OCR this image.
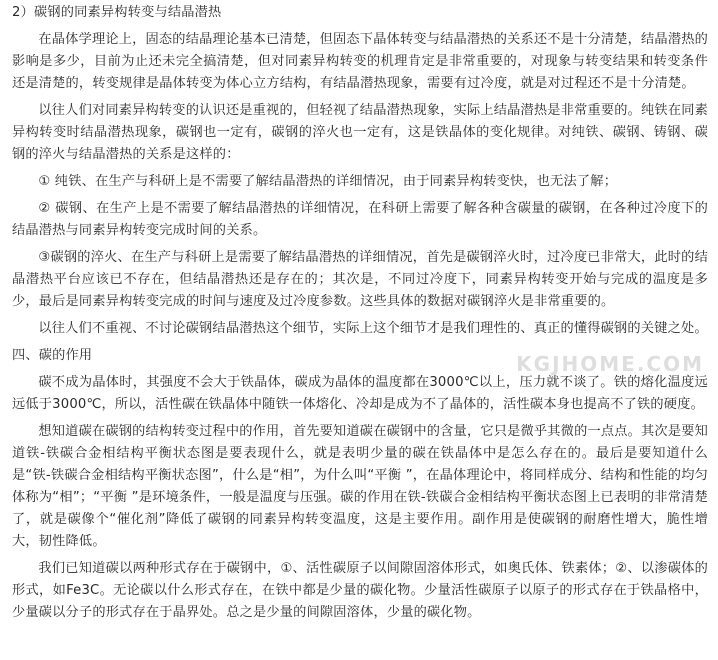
2）碳钢的同素异构转变与结晶潜热

在晶体学理论上，固态的结晶理论基本已清楚，但固态下晶体转变与结晶潜热的关系还不是十分清楚，结晶潜热的影响是多少，目前为止还未完全搞清楚，但对同素异构转变的机理肯定是非常重要的，对现象与转变结果和转变条件还是清楚的，转变规律是晶体转变为体心立方结构，有结晶潜热现象，需要有过冷度，就是对过程还不是十分清楚。

以往人们对同素异构转变的认识还是重视的，但轻视了结晶潜热现象，实际上结晶潜热是非常重要的。纯铁在同素异构转变时结晶潜热现象，碳钢也一定有，碳钢的淬火也一定有，这是铁晶体的变化规律。对纯铁、碳钢、铸钢、碳钢的淬火与结晶潜热的关系是这样的：

① 纯铁、在生产与科研上是不需要了解结晶潜热的详细情况，由于同素异构转变快，也无法了解；

② 碳钢、在生产上是不需要了解结晶潜热的详细情况，在科研上需要了解各种含碳量的碳钢，在各种过冷度下的结晶潜热与同素异构转变完成时间的关系。

③碳钢的淬火、在生产与科研上是需要了解结晶潜热的详细情况，首先是碳钢淬火时，过冷度已非常大，此时的结晶潜热平台应该已不存在，但结晶潜热还是存在的；其次是，不同过冷度下，同素异构转变开始与完成的温度是多少，最后是同素异构转变完成的时间与速度及过冷度参数。这些具体的数据对碳钢淬火是非常重要的。

以往人们不重视、不讨论碳钢结晶潜热这个细节，实际上这个细节才是我们理性的、真正的懂得碳钢的关键之处。

四、碳的作用

碳不成为晶体时，其强度不会大于铁晶体，碳成为晶体的温度都在3000℃以上，压力就不谈了。铁的熔化温度远远低于3000℃，所以，活性碳在铁晶体中随铁一体熔化、冷却是成为不了晶体的，活性碳本身也提高不了铁的硬度。

想知道碳在碳钢的结构转变过程中的作用，首先要知道碳在碳钢中的含量，它只是微乎其微的一点点。其次是要知道铁-铁碳合金相结构平衡状态图是要表现什么，就是表明少量的碳在铁晶体中是怎么存在的。最后是要知道什么是“铁-铁碳合金相结构平衡状态图”，什么是“相”，为什么叫“平衡 ”，在晶体理论中，将同样成分、结构和性能的均匀体称为“相”；“平衡 ”是环境条件，一般是温度与压强。碳的作用在铁-铁碳合金相结构平衡状态图上已表明的非常清楚了，就是碳像个“催化剂”降低了碳钢的同素异构转变温度，这是主要作用。副作用是使碳钢的耐磨性增大，脆性增大，韧性降低。

我们已知道碳以两种形式存在于碳钢中，①、活性碳原子以间隙固溶体形式，如奥氏体、铁素体；②、以渗碳体的形式，如Fe3C。无论碳以什么形式存在，在铁中都是少量的碳化物。少量活性碳原子以原子的形式存在于铁晶格中，少量碳以分子的形式存在于晶界处。总之是少量的间隙固溶体，少量的碳化物。

KGJHOME.COM
